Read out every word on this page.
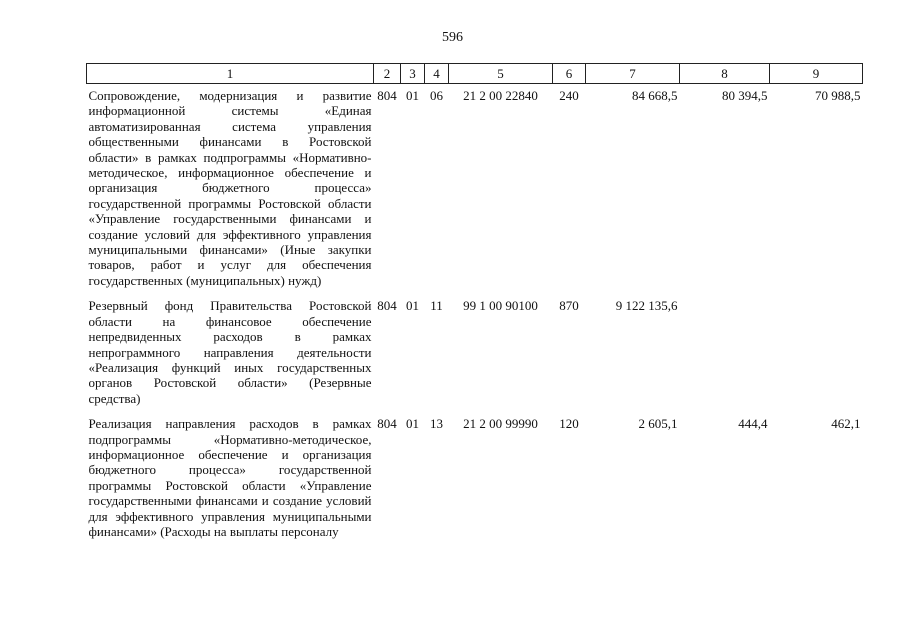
596
1	2	3	4	5	6	7	8	9
Сопровождение, модернизация и развитие информационной системы «Единая автоматизированная система управления общественными финансами в Ростовской области» в рамках подпрограммы «Нормативно-методическое, информационное обеспечение и организация бюджетного процесса» государственной программы Ростовской области «Управление государственными финансами и создание условий для эффективного управления муниципальными финансами» (Иные закупки товаров, работ и услуг для обеспечения государственных (муниципальных) нужд)	804	01	06	21 2 00 22840	240	84 668,5	80 394,5	70 988,5
Резервный фонд Правительства Ростовской области на финансовое обеспечение непредвиденных расходов в рамках непрограммного направления деятельности «Реализация функций иных государственных органов Ростовской области» (Резервные средства)	804	01	11	99 1 00 90100	870	9 122 135,6		
Реализация направления расходов в рамках подпрограммы «Нормативно-методическое, информационное обеспечение и организация бюджетного процесса» государственной программы Ростовской области «Управление государственными финансами и создание условий для эффективного управления муниципальными финансами» (Расходы на выплаты персоналу	804	01	13	21 2 00 99990	120	2 605,1	444,4	462,1
